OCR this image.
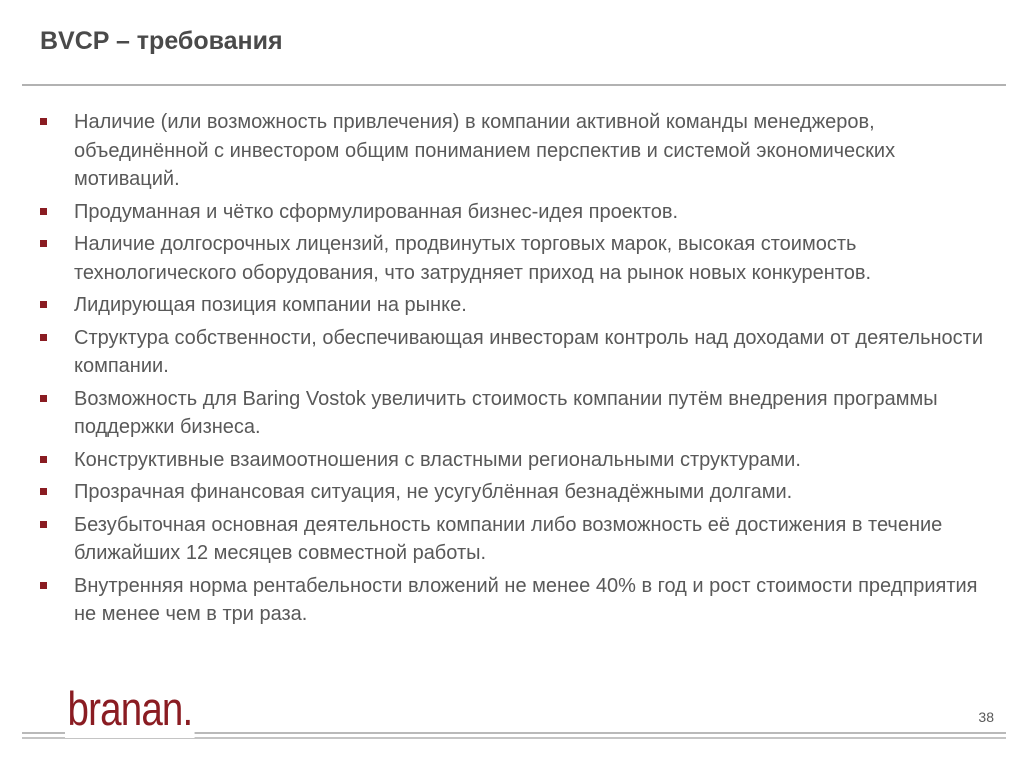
BVCP – требования
Наличие (или возможность привлечения) в компании активной команды менеджеров, объединённой с инвестором общим пониманием перспектив и системой экономических мотиваций.
Продуманная и чётко сформулированная бизнес-идея проектов.
Наличие долгосрочных лицензий, продвинутых торговых марок, высокая стоимость технологического оборудования, что затрудняет приход на рынок новых конкурентов.
Лидирующая позиция компании на рынке.
Структура собственности, обеспечивающая инвесторам контроль над доходами от деятельности компании.
Возможность для Baring Vostok увеличить стоимость компании путём внедрения программы поддержки бизнеса.
Конструктивные взаимоотношения с властными региональными структурами.
Прозрачная финансовая ситуация, не усугублённая безнадёжными долгами.
Безубыточная основная деятельность компании либо возможность её достижения в течение ближайших 12 месяцев совместной работы.
Внутренняя норма рентабельности вложений не менее 40% в год и рост стоимости предприятия не менее чем в три раза.
branan.	38
